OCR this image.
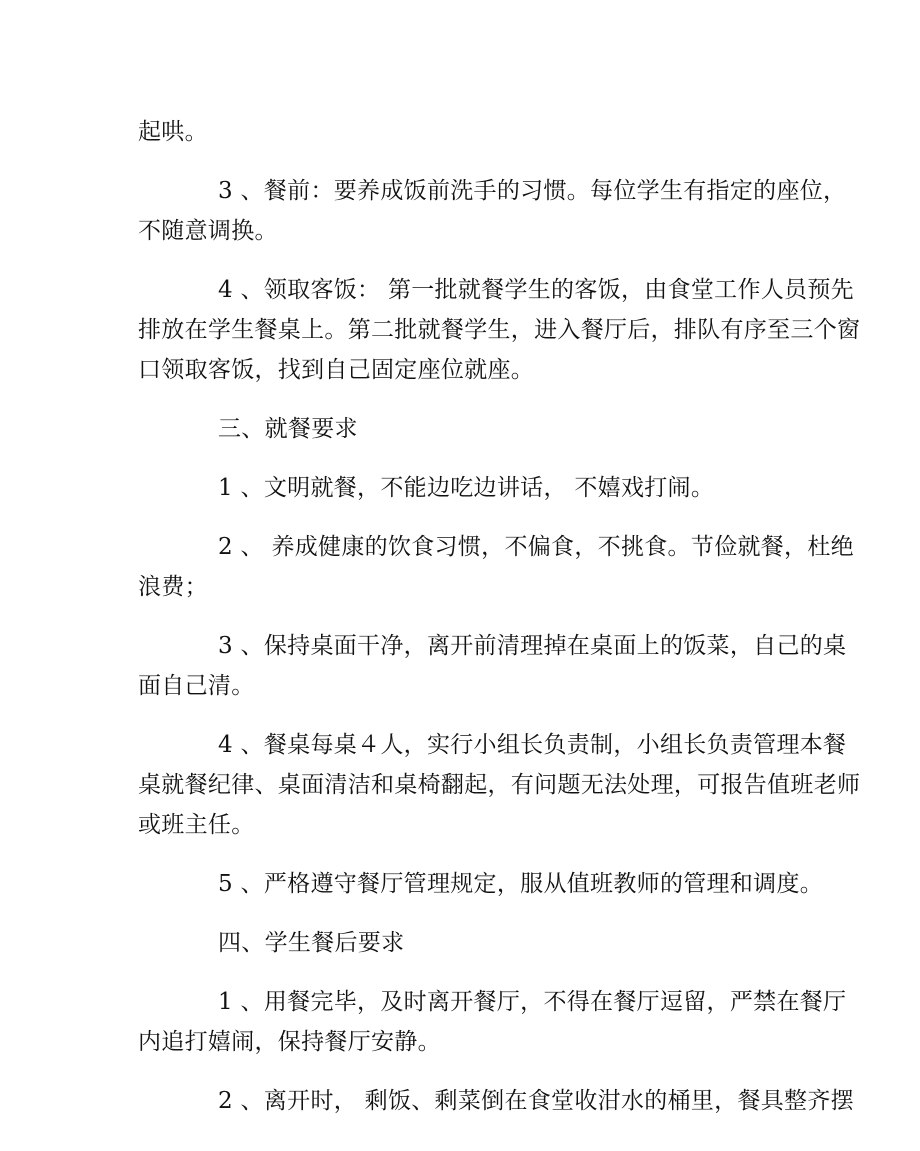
起哄。

3 、餐前：要养成饭前洗手的习惯。每位学生有指定的座位，
不随意调换。

4 、领取客饭： 第一批就餐学生的客饭，由食堂工作人员预先
排放在学生餐桌上。第二批就餐学生，进入餐厅后，排队有序至三个窗
口领取客饭，找到自己固定座位就座。

三、就餐要求

1 、文明就餐，不能边吃边讲话， 不嬉戏打闹。

2 、 养成健康的饮食习惯，不偏食，不挑食。节俭就餐，杜绝
浪费；

3 、保持桌面干净，离开前清理掉在桌面上的饭菜，自己的桌
面自己清。

4 、餐桌每桌４人，实行小组长负责制，小组长负责管理本餐
桌就餐纪律、桌面清洁和桌椅翻起，有问题无法处理，可报告值班老师
或班主任。

5 、严格遵守餐厅管理规定，服从值班教师的管理和调度。

四、学生餐后要求

1 、用餐完毕，及时离开餐厅，不得在餐厅逗留，严禁在餐厅
内追打嬉闹，保持餐厅安静。

2 、离开时， 剩饭、剩菜倒在食堂收泔水的桶里，餐具整齐摆
